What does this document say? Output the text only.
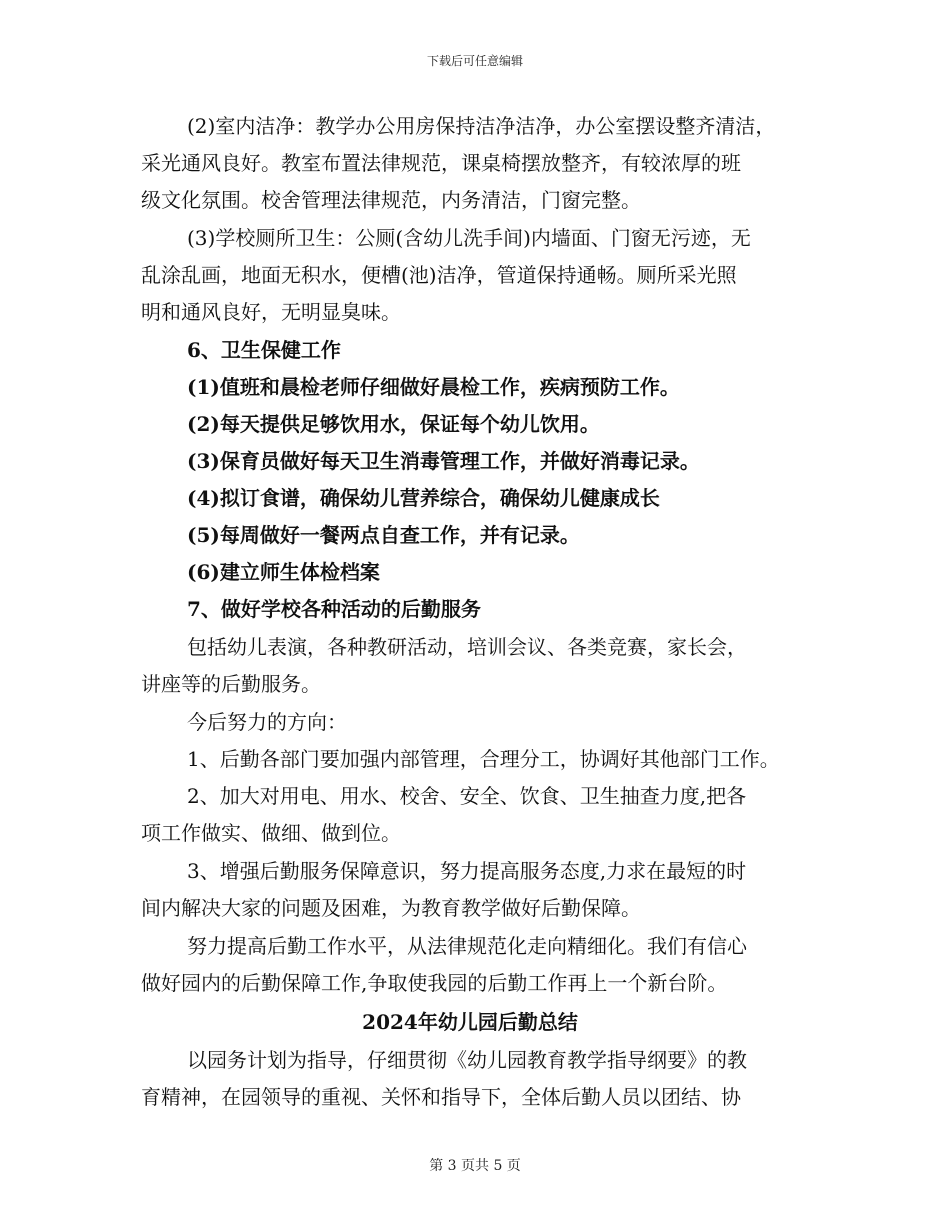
下载后可任意编辑
(2)室内洁净：教学办公用房保持洁净洁净，办公室摆设整齐清洁，
采光通风良好。教室布置法律规范，课桌椅摆放整齐，有较浓厚的班
级文化氛围。校舍管理法律规范，内务清洁，门窗完整。
(3)学校厕所卫生：公厕(含幼儿洗手间)内墙面、门窗无污迹，无
乱涂乱画，地面无积水，便槽(池)洁净，管道保持通畅。厕所采光照
明和通风良好，无明显臭味。
6、卫生保健工作
(1)值班和晨检老师仔细做好晨检工作，疾病预防工作。
(2)每天提供足够饮用水，保证每个幼儿饮用。
(3)保育员做好每天卫生消毒管理工作，并做好消毒记录。
(4)拟订食谱，确保幼儿营养综合，确保幼儿健康成长
(5)每周做好一餐两点自查工作，并有记录。
(6)建立师生体检档案
7、做好学校各种活动的后勤服务
包括幼儿表演，各种教研活动，培训会议、各类竞赛，家长会，
讲座等的后勤服务。
今后努力的方向：
1、后勤各部门要加强内部管理，合理分工，协调好其他部门工作。
2、加大对用电、用水、校舍、安全、饮食、卫生抽查力度,把各
项工作做实、做细、做到位。
3、增强后勤服务保障意识，努力提高服务态度,力求在最短的时
间内解决大家的问题及困难，为教育教学做好后勤保障。
努力提高后勤工作水平，从法律规范化走向精细化。我们有信心
做好园内的后勤保障工作,争取使我园的后勤工作再上一个新台阶。
2024年幼儿园后勤总结
以园务计划为指导，仔细贯彻《幼儿园教育教学指导纲要》的教
育精神，在园领导的重视、关怀和指导下，全体后勤人员以团结、协
第 3 页共 5 页
